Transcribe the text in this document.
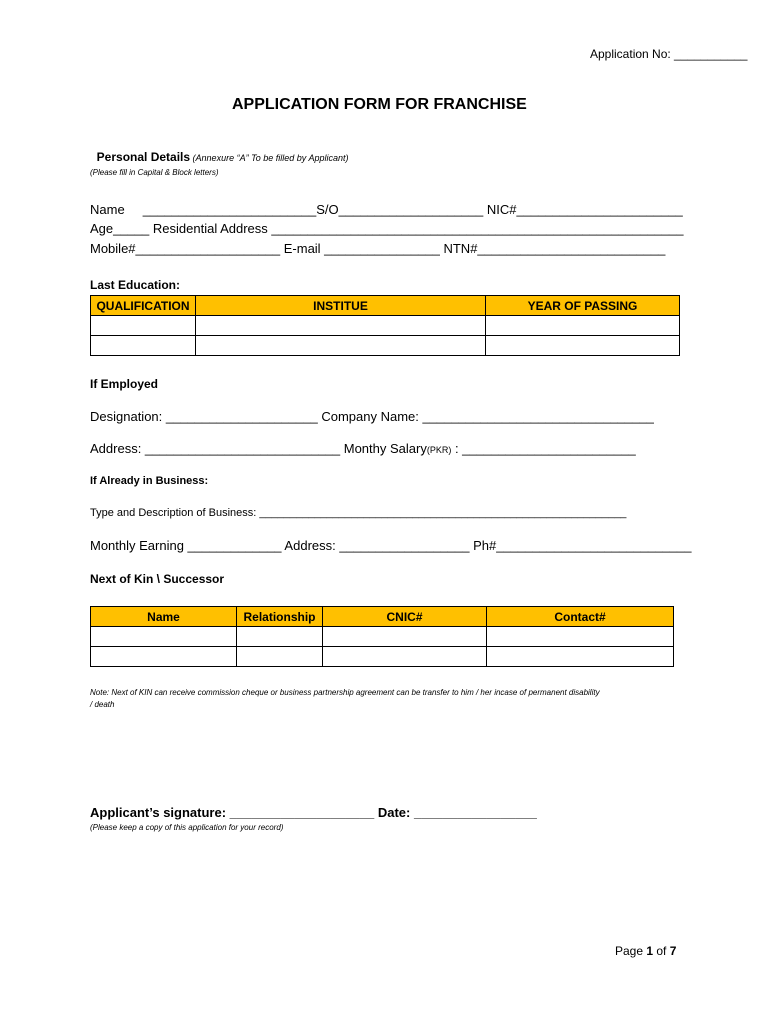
Application No: ___________
APPLICATION FORM FOR FRANCHISE

Personal Details (Annexure “A” To be filled by Applicant)

(Please fill in Capital & Block letters)
Name     ________________________S/O____________________ NIC#_______________________
Age_____ Residential Address _________________________________________________________
Mobile#____________________ E-mail ________________ NTN#__________________________
Last Education:
QUALIFICATION	INSTITUE	YEAR OF PASSING

If Employed
Designation: _____________________ Company Name: ________________________________
Address: ___________________________ Monthy Salary(PKR) : ________________________
If Already in Business:
Type and Description of Business: ____________________________________________________________
Monthly Earning _____________ Address: __________________ Ph#___________________________
Next of Kin \ Successor
Name	Relationship	CNIC#	Contact#

Note: Next of KIN can receive commission cheque or business partnership agreement can be transfer to him / her incase of permanent disability
/ death
Applicant’s signature: ____________________ Date: _________________
(Please keep a copy of this application for your record)
Page 1 of 7
